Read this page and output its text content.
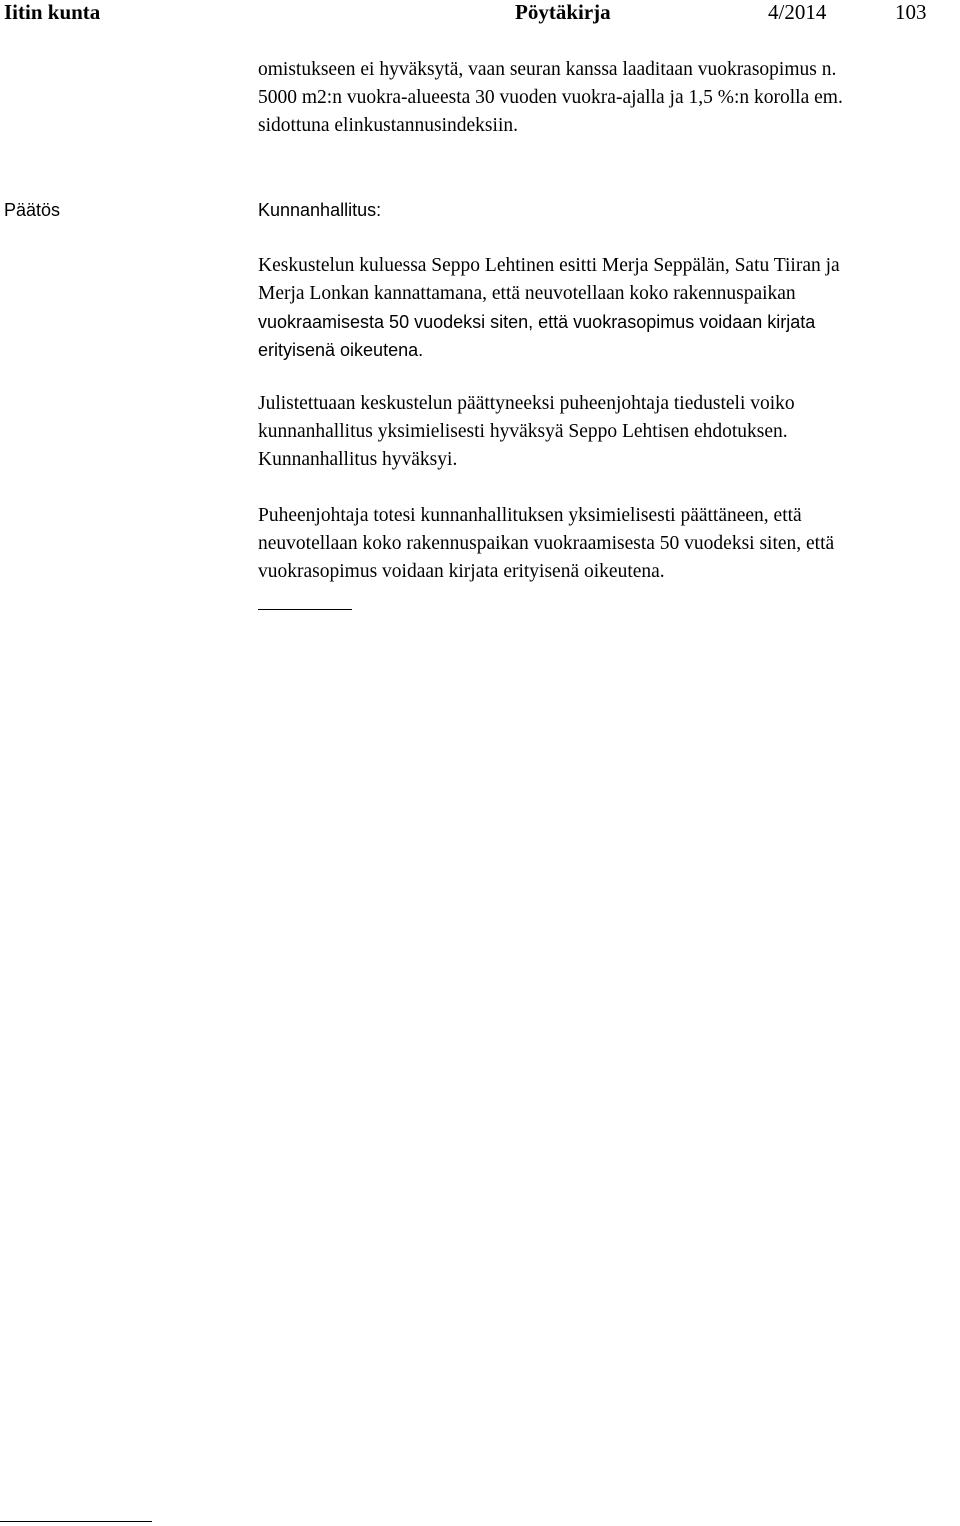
Iitin kunta	Pöytäkirja	4/2014	103
omistukseen ei hyväksytä, vaan seuran kanssa laaditaan vuokrasopimus n.
5000 m2:n vuokra-alueesta 30 vuoden vuokra-ajalla ja 1,5 %:n korolla em.
sidottuna elinkustannusindeksiin.
Päätös	Kunnanhallitus:
Keskustelun kuluessa Seppo Lehtinen esitti Merja Seppälän, Satu Tiiran ja
Merja Lonkan kannattamana, että neuvotellaan koko rakennuspaikan
vuokraamisesta 50 vuodeksi siten, että vuokrasopimus voidaan kirjata
erityisenä oikeutena.
Julistettuaan keskustelun päättyneeksi puheenjohtaja tiedusteli voiko
kunnanhallitus yksimielisesti hyväksyä Seppo Lehtisen ehdotuksen.
Kunnanhallitus hyväksyi.
Puheenjohtaja totesi kunnanhallituksen yksimielisesti päättäneen, että
neuvotellaan koko rakennuspaikan vuokraamisesta 50 vuodeksi siten, että
vuokrasopimus voidaan kirjata erityisenä oikeutena.
